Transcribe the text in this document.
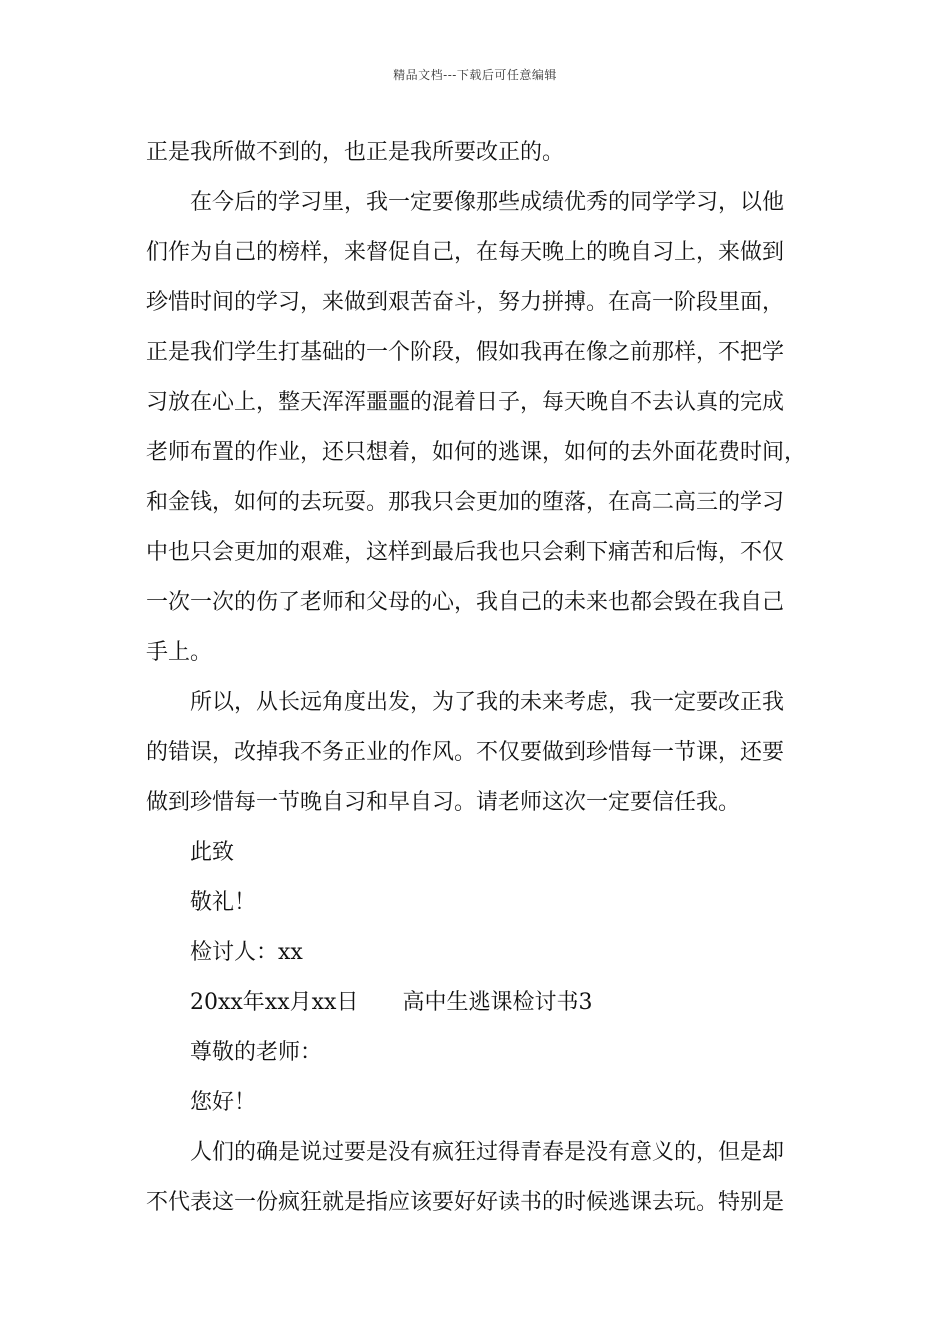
精品文档---下载后可任意编辑
正是我所做不到的，也正是我所要改正的。
在今后的学习里，我一定要像那些成绩优秀的同学学习，以他
们作为自己的榜样，来督促自己，在每天晚上的晚自习上，来做到
珍惜时间的学习，来做到艰苦奋斗，努力拼搏。在高一阶段里面，
正是我们学生打基础的一个阶段，假如我再在像之前那样，不把学
习放在心上，整天浑浑噩噩的混着日子，每天晚自不去认真的完成
老师布置的作业，还只想着，如何的逃课，如何的去外面花费时间，
和金钱，如何的去玩耍。那我只会更加的堕落，在高二高三的学习
中也只会更加的艰难，这样到最后我也只会剩下痛苦和后悔，不仅
一次一次的伤了老师和父母的心，我自己的未来也都会毁在我自己
手上。
所以，从长远角度出发，为了我的未来考虑，我一定要改正我
的错误，改掉我不务正业的作风。不仅要做到珍惜每一节课，还要
做到珍惜每一节晚自习和早自习。请老师这次一定要信任我。
此致
敬礼！
检讨人：xx
20xx年xx月xx日 高中生逃课检讨书3
尊敬的老师：
您好！
人们的确是说过要是没有疯狂过得青春是没有意义的，但是却
不代表这一份疯狂就是指应该要好好读书的时候逃课去玩。特别是
